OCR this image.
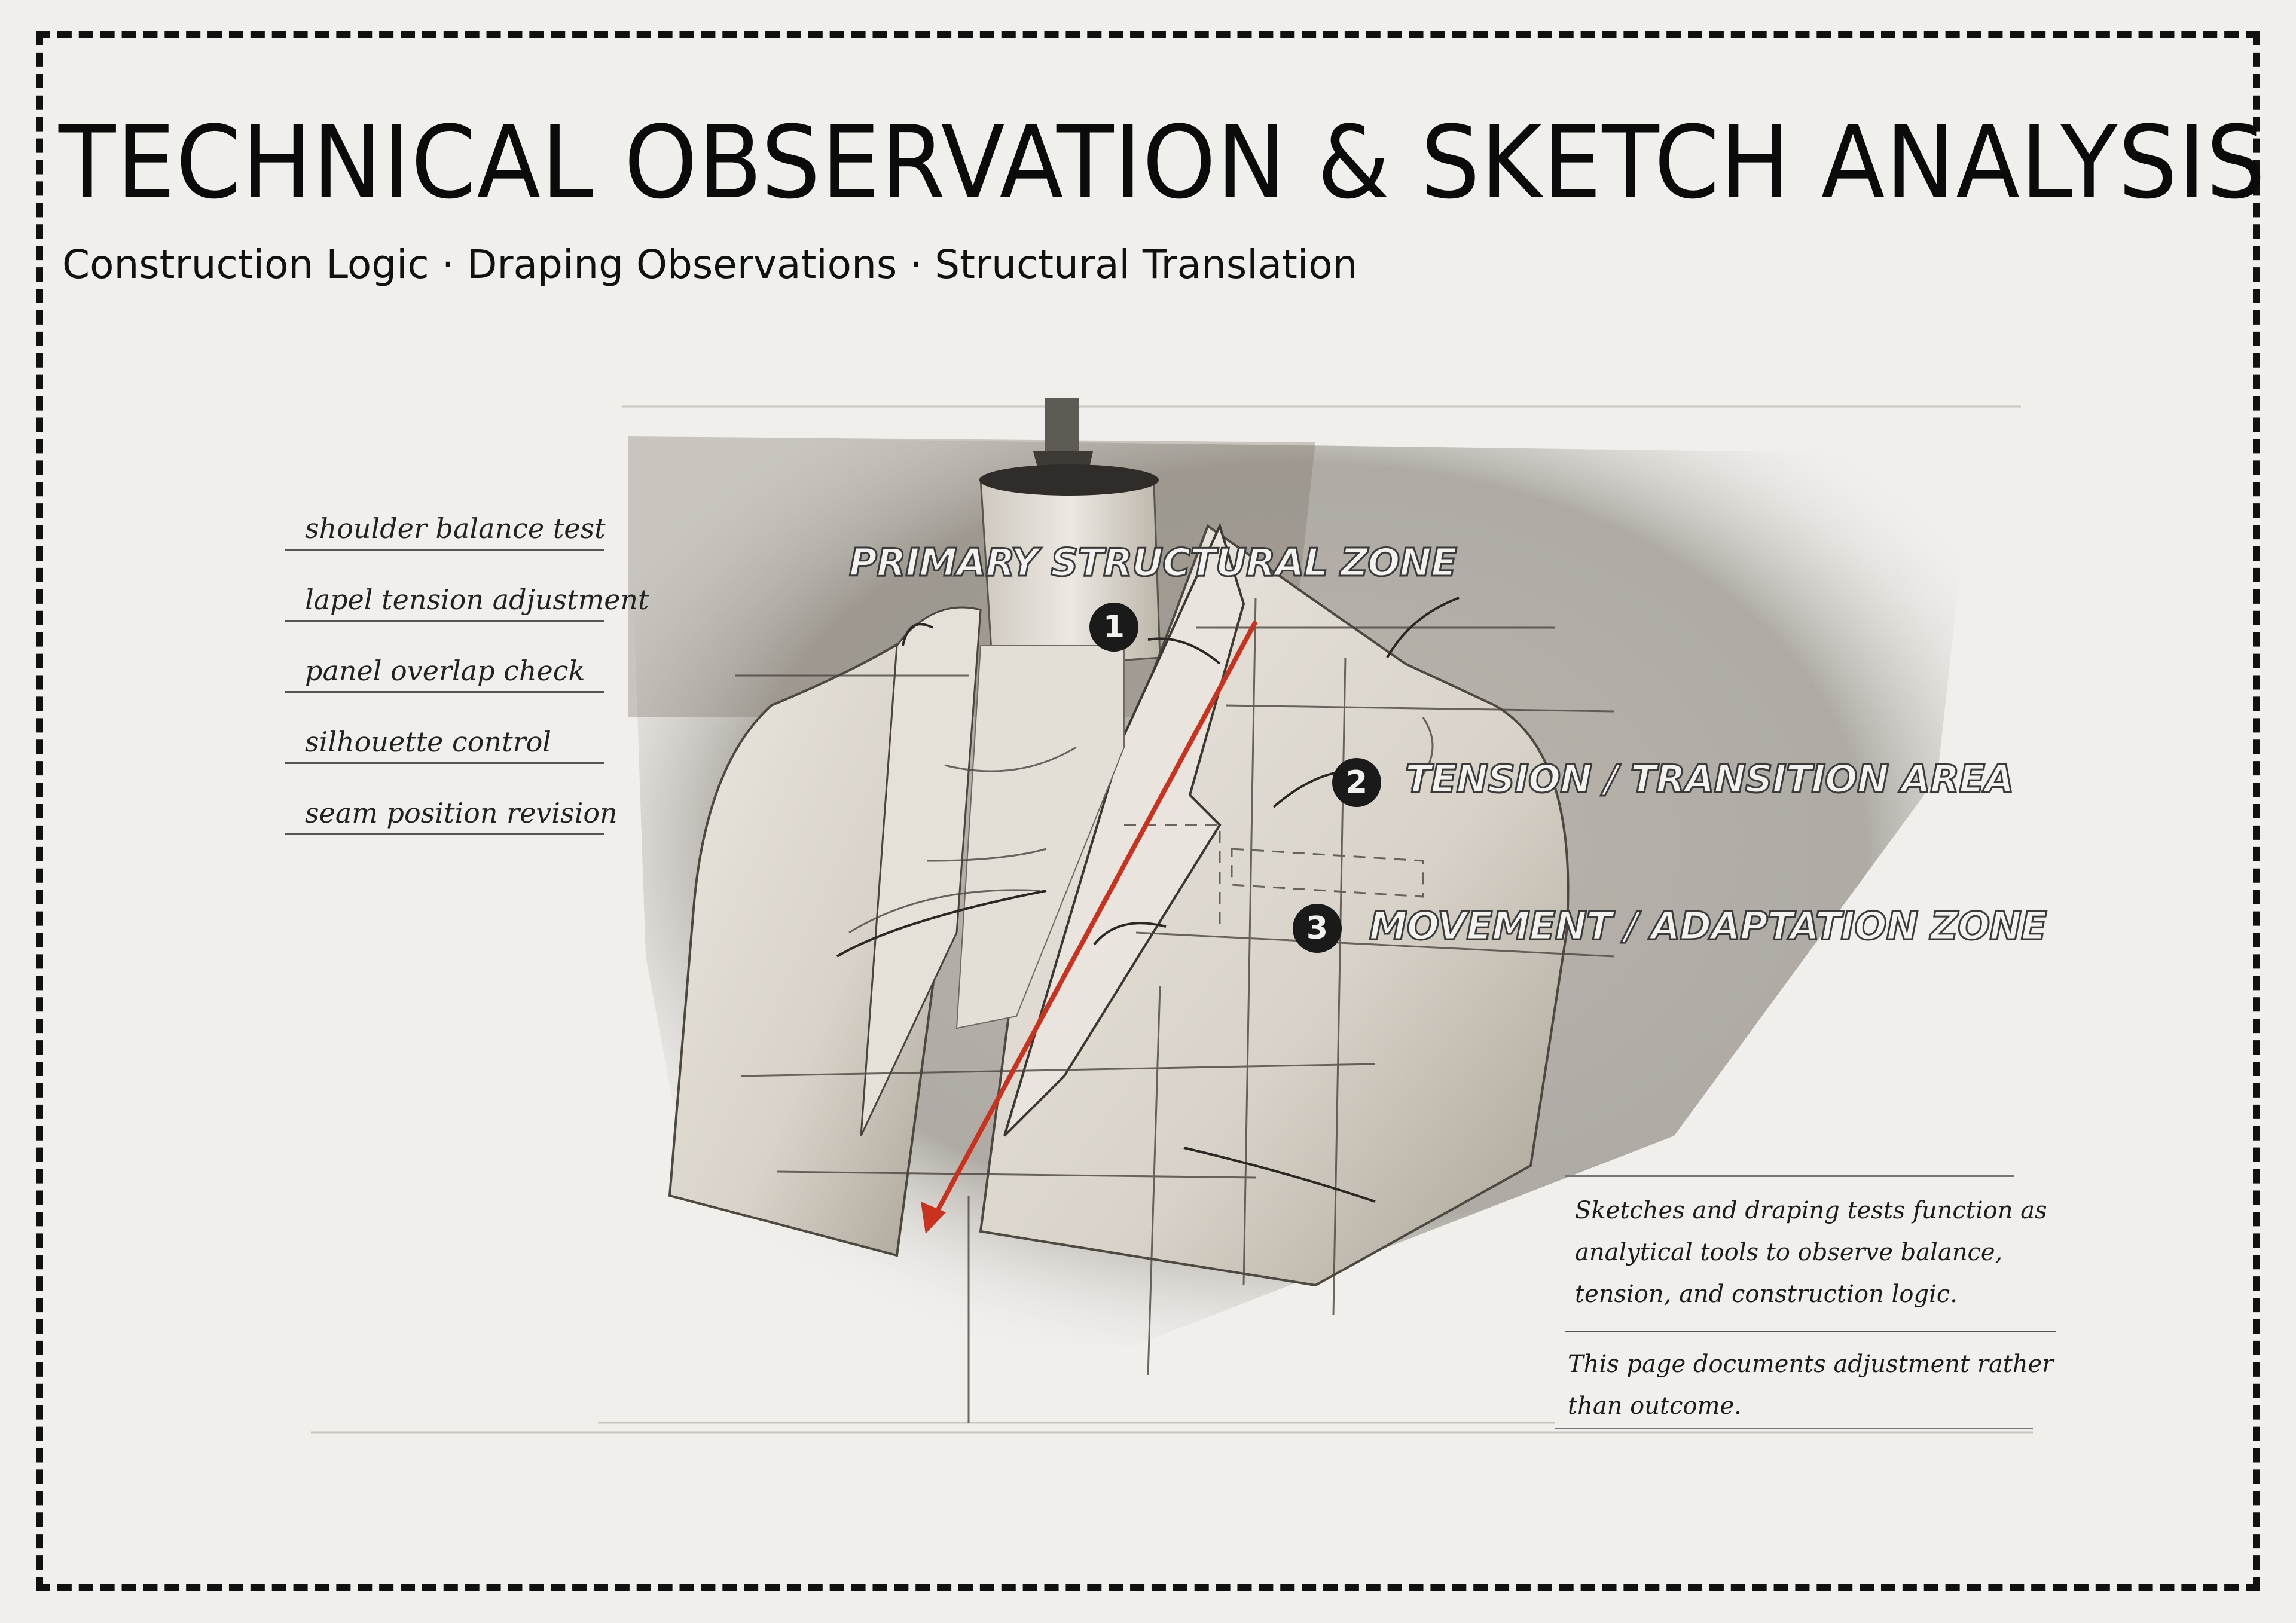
TECHNICAL OBSERVATION & SKETCH ANALYSIS
Construction Logic · Draping Observations · Structural Translation
shoulder balance test
lapel tension adjustment
panel overlap check
silhouette control
seam position revision
PRIMARY STRUCTURAL ZONE
1
2 TENSION / TRANSITION AREA
3	MOVEMENT / ADAPTATION ZONE
Sketches and draping tests function as analytical tools to observe balance, tension, and construction logic.
This page documents adjustment rather than outcome.
